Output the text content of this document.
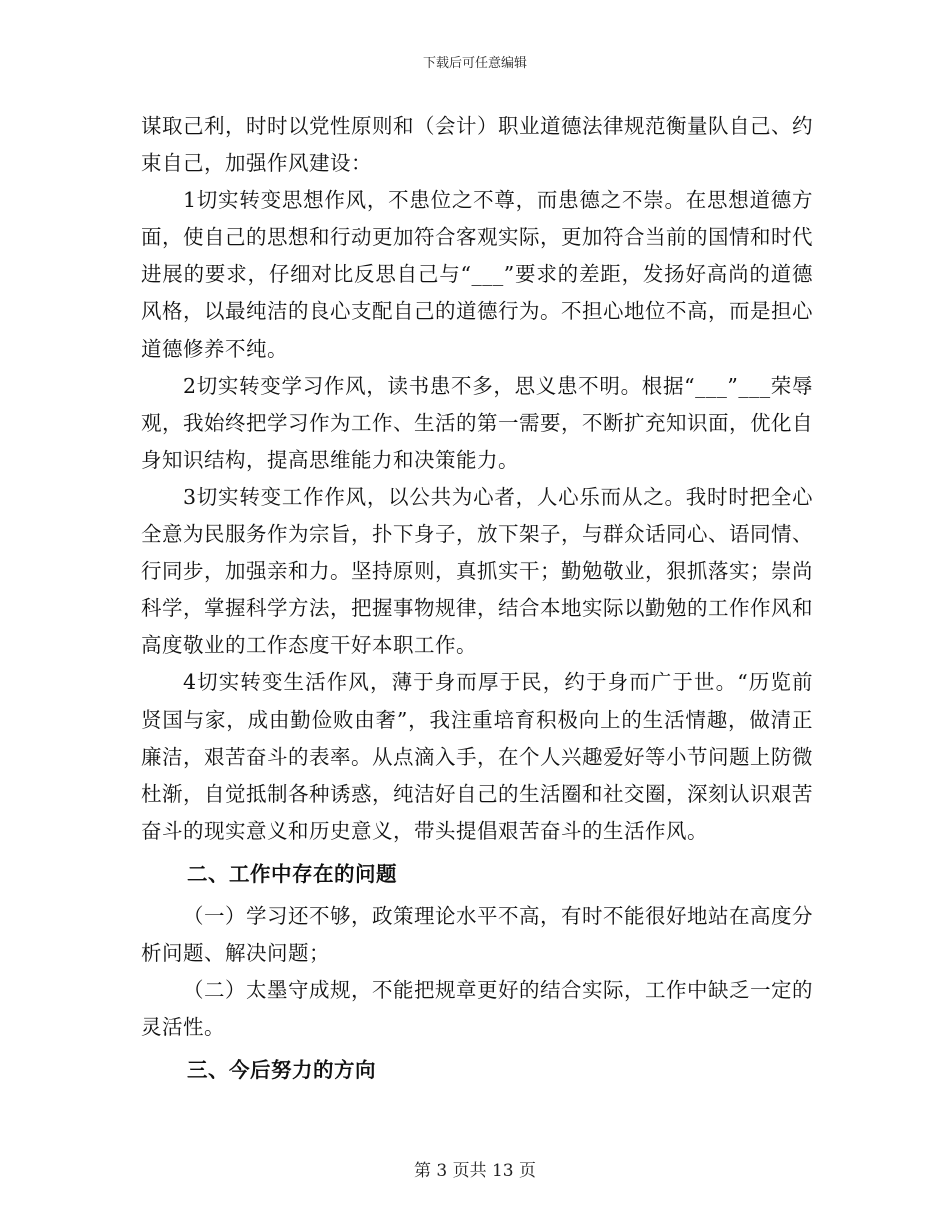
下载后可任意编辑

谋取己利，时时以党性原则和（会计）职业道德法律规范衡量队自己、约束自己，加强作风建设：

1切实转变思想作风，不患位之不尊，而患德之不崇。在思想道德方面，使自己的思想和行动更加符合客观实际，更加符合当前的国情和时代进展的要求，仔细对比反思自己与“___”要求的差距，发扬好高尚的道德风格，以最纯洁的良心支配自己的道德行为。不担心地位不高，而是担心道德修养不纯。

2切实转变学习作风，读书患不多，思义患不明。根据“___”___荣辱观，我始终把学习作为工作、生活的第一需要，不断扩充知识面，优化自身知识结构，提高思维能力和决策能力。

3切实转变工作作风，以公共为心者，人心乐而从之。我时时把全心全意为民服务作为宗旨，扑下身子，放下架子，与群众话同心、语同情、行同步，加强亲和力。坚持原则，真抓实干；勤勉敬业，狠抓落实；崇尚科学，掌握科学方法，把握事物规律，结合本地实际以勤勉的工作作风和高度敬业的工作态度干好本职工作。

4切实转变生活作风，薄于身而厚于民，约于身而广于世。“历览前贤国与家，成由勤俭败由奢”，我注重培育积极向上的生活情趣，做清正廉洁，艰苦奋斗的表率。从点滴入手，在个人兴趣爱好等小节问题上防微杜渐，自觉抵制各种诱惑，纯洁好自己的生活圈和社交圈，深刻认识艰苦奋斗的现实意义和历史意义，带头提倡艰苦奋斗的生活作风。

二、工作中存在的问题

（一）学习还不够，政策理论水平不高，有时不能很好地站在高度分析问题、解决问题；

（二）太墨守成规，不能把规章更好的结合实际，工作中缺乏一定的灵活性。

三、今后努力的方向
第 3 页共 13 页
